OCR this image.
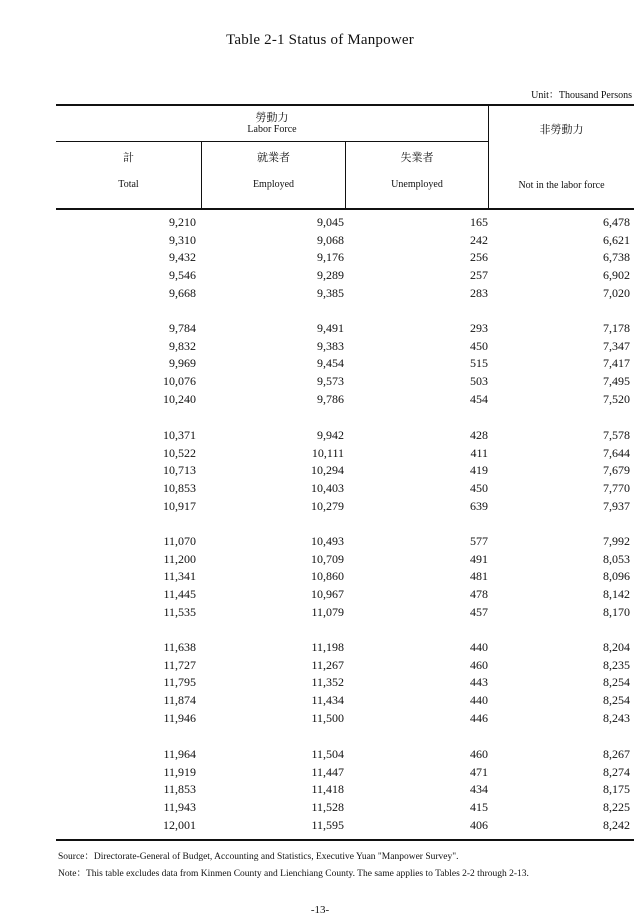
Table 2-1 Status of Manpower
Unit：Thousand Persons
勞動力
Labor Force	非勞動力
計
Total
就業者
Employed
失業者
Unemployed	Not in the labor force
9,210	9,045	165	6,478
9,310	9,068	242	6,621
9,432	9,176	256	6,738
9,546	9,289	257	6,902
9,668	9,385	283	7,020
9,784	9,491	293	7,178
9,832	9,383	450	7,347
9,969	9,454	515	7,417
10,076	9,573	503	7,495
10,240	9,786	454	7,520
10,371	9,942	428	7,578
10,522	10,111	411	7,644
10,713	10,294	419	7,679
10,853	10,403	450	7,770
10,917	10,279	639	7,937
11,070	10,493	577	7,992
11,200	10,709	491	8,053
11,341	10,860	481	8,096
11,445	10,967	478	8,142
11,535	11,079	457	8,170
11,638	11,198	440	8,204
11,727	11,267	460	8,235
11,795	11,352	443	8,254
11,874	11,434	440	8,254
11,946	11,500	446	8,243
11,964	11,504	460	8,267
11,919	11,447	471	8,274
11,853	11,418	434	8,175
11,943	11,528	415	8,225
12,001	11,595	406	8,242
Source：Directorate-General of Budget, Accounting and Statistics, Executive Yuan "Manpower Survey".
Note：This table excludes data from Kinmen County and Lienchiang County. The same applies to Tables 2-2 through 2-13.
-13-
